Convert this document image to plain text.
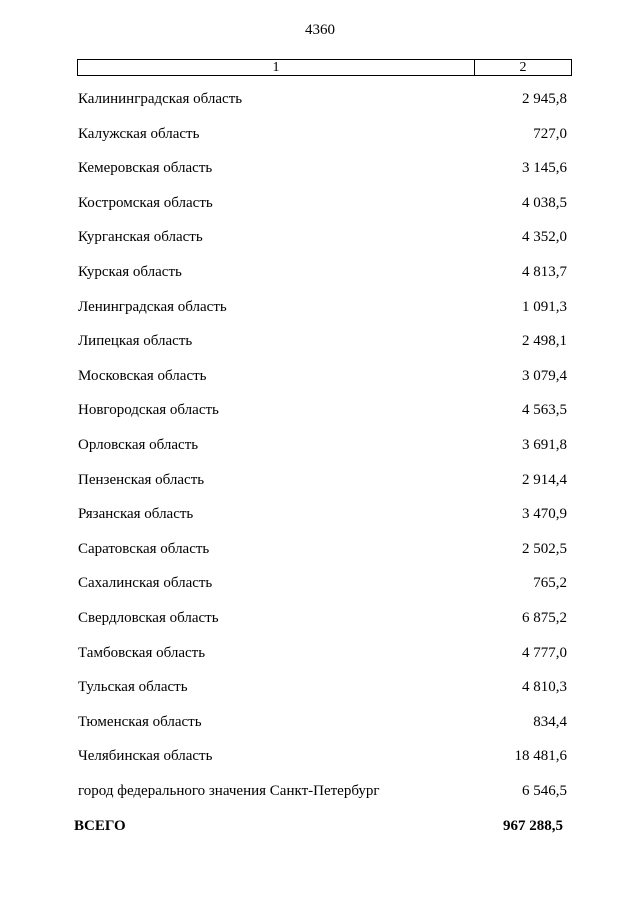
4360
1	2
Калининградская область	2 945,8
Калужская область	727,0
Кемеровская область	3 145,6
Костромская область	4 038,5
Курганская область	4 352,0
Курская область	4 813,7
Ленинградская область	1 091,3
Липецкая область	2 498,1
Московская область	3 079,4
Новгородская область	4 563,5
Орловская область	3 691,8
Пензенская область	2 914,4
Рязанская область	3 470,9
Саратовская область	2 502,5
Сахалинская область	765,2
Свердловская область	6 875,2
Тамбовская область	4 777,0
Тульская область	4 810,3
Тюменская область	834,4
Челябинская область	18 481,6
город федерального значения Санкт-Петербург	6 546,5
ВСЕГО	967 288,5
